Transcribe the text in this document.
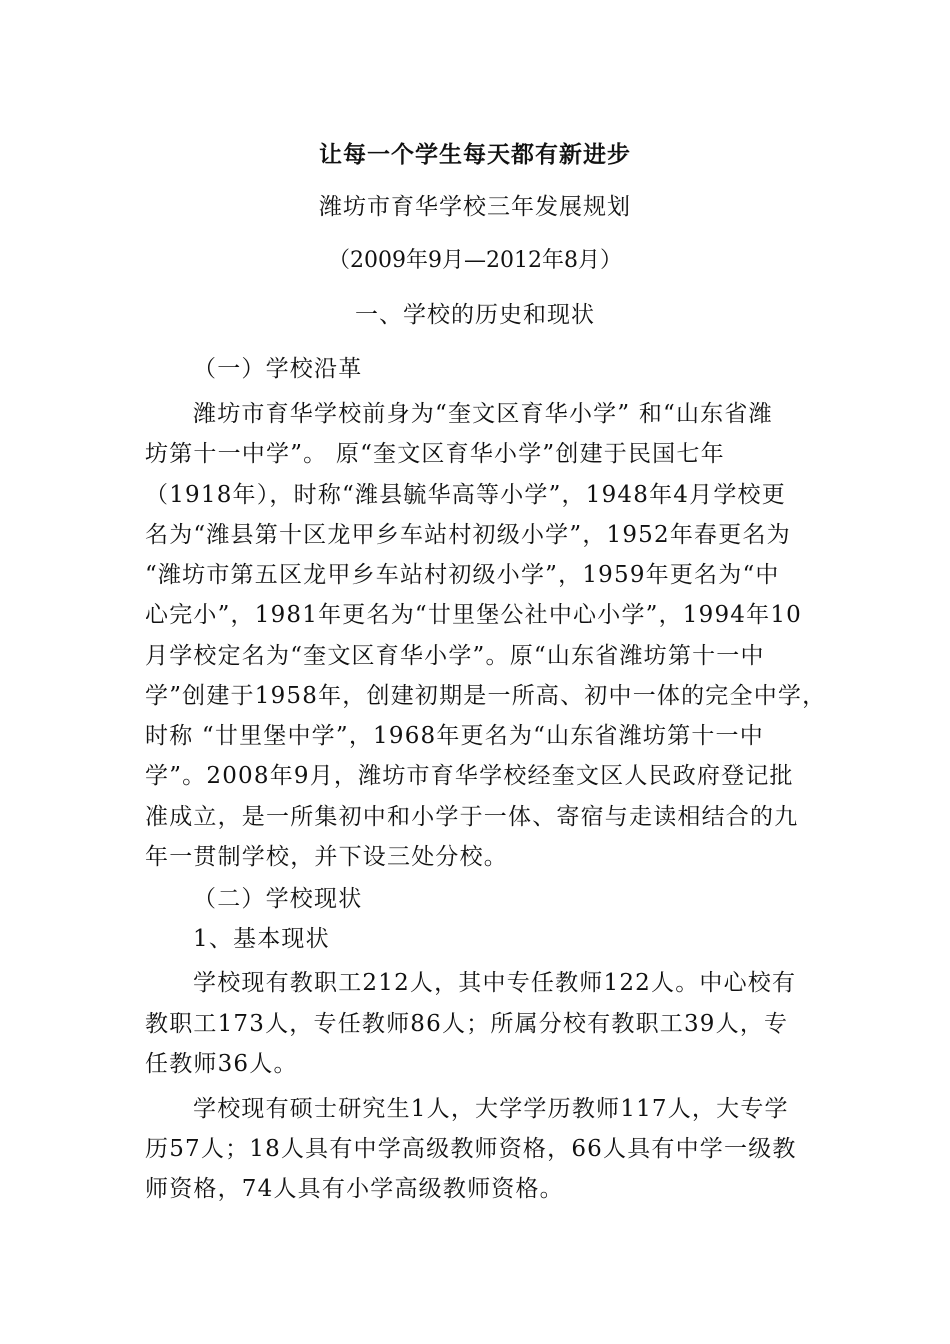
让每一个学生每天都有新进步
潍坊市育华学校三年发展规划
（2009年9月—2012年8月）
一、学校的历史和现状
（一）学校沿革
潍坊市育华学校前身为“奎文区育华小学” 和“山东省潍
坊第十一中学”。 原“奎文区育华小学”创建于民国七年
（1918年），时称“潍县毓华高等小学”，1948年4月学校更
名为“潍县第十区龙甲乡车站村初级小学”，1952年春更名为
“潍坊市第五区龙甲乡车站村初级小学”，1959年更名为“中
心完小”，1981年更名为“廿里堡公社中心小学”，1994年10
月学校定名为“奎文区育华小学”。原“山东省潍坊第十一中
学”创建于1958年，创建初期是一所高、初中一体的完全中学，
时称 “廿里堡中学”，1968年更名为“山东省潍坊第十一中
学”。2008年9月，潍坊市育华学校经奎文区人民政府登记批
准成立，是一所集初中和小学于一体、寄宿与走读相结合的九
年一贯制学校，并下设三处分校。
（二）学校现状
1、基本现状
学校现有教职工212人，其中专任教师122人。中心校有
教职工173人，专任教师86人；所属分校有教职工39人，专
任教师36人。
学校现有硕士研究生1人，大学学历教师117人，大专学
历57人；18人具有中学高级教师资格，66人具有中学一级教
师资格，74人具有小学高级教师资格。
